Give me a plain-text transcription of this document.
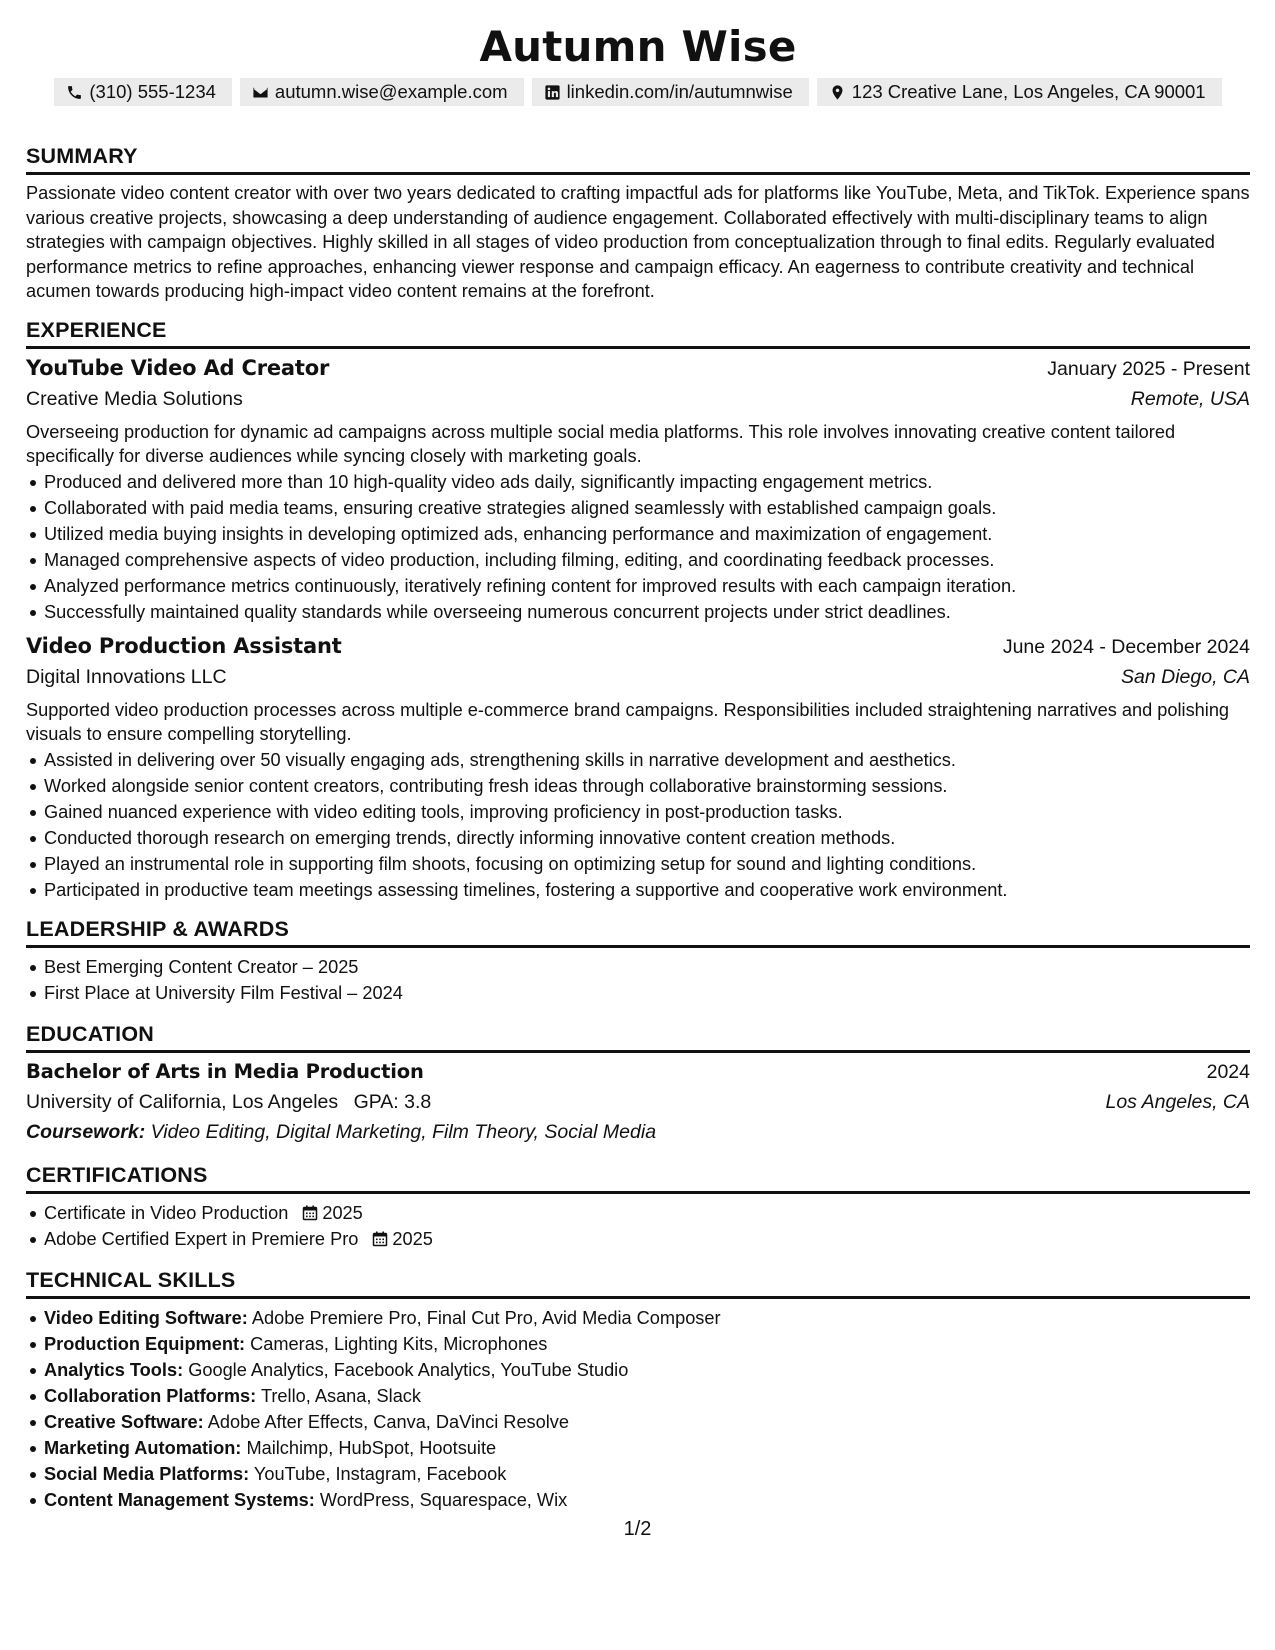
Autumn Wise
(310) 555-1234	autumn.wise@example.com	linkedin.com/in/autumnwise	123 Creative Lane, Los Angeles, CA 90001
SUMMARY

Passionate video content creator with over two years dedicated to crafting impactful ads for platforms like YouTube, Meta, and TikTok. Experience spans various creative projects, showcasing a deep understanding of audience engagement. Collaborated effectively with multi-disciplinary teams to align strategies with campaign objectives. Highly skilled in all stages of video production from conceptualization through to final edits. Regularly evaluated performance metrics to refine approaches, enhancing viewer response and campaign efficacy. An eagerness to contribute creativity and technical acumen towards producing high-impact video content remains at the forefront.

EXPERIENCE
YouTube Video Ad Creator	January 2025 - Present
Creative Media Solutions	Remote, USA

Overseeing production for dynamic ad campaigns across multiple social media platforms. This role involves innovating creative content tailored specifically for diverse audiences while syncing closely with marketing goals.

Produced and delivered more than 10 high-quality video ads daily, significantly impacting engagement metrics.
Collaborated with paid media teams, ensuring creative strategies aligned seamlessly with established campaign goals.
Utilized media buying insights in developing optimized ads, enhancing performance and maximization of engagement.
Managed comprehensive aspects of video production, including filming, editing, and coordinating feedback processes.
Analyzed performance metrics continuously, iteratively refining content for improved results with each campaign iteration.
Successfully maintained quality standards while overseeing numerous concurrent projects under strict deadlines.
Video Production Assistant	June 2024 - December 2024
Digital Innovations LLC	San Diego, CA

Supported video production processes across multiple e-commerce brand campaigns. Responsibilities included straightening narratives and polishing visuals to ensure compelling storytelling.

Assisted in delivering over 50 visually engaging ads, strengthening skills in narrative development and aesthetics.
Worked alongside senior content creators, contributing fresh ideas through collaborative brainstorming sessions.
Gained nuanced experience with video editing tools, improving proficiency in post-production tasks.
Conducted thorough research on emerging trends, directly informing innovative content creation methods.
Played an instrumental role in supporting film shoots, focusing on optimizing setup for sound and lighting conditions.
Participated in productive team meetings assessing timelines, fostering a supportive and cooperative work environment.
LEADERSHIP & AWARDS
Best Emerging Content Creator – 2025
First Place at University Film Festival – 2024
EDUCATION
Bachelor of Arts in Media Production	2024
University of California, Los Angeles GPA: 3.8	Los Angeles, CA
Coursework: Video Editing, Digital Marketing, Film Theory, Social Media
CERTIFICATIONS
Certificate in Video Production 2025
Adobe Certified Expert in Premiere Pro 2025
TECHNICAL SKILLS
Video Editing Software: Adobe Premiere Pro, Final Cut Pro, Avid Media Composer
Production Equipment: Cameras, Lighting Kits, Microphones
Analytics Tools: Google Analytics, Facebook Analytics, YouTube Studio
Collaboration Platforms: Trello, Asana, Slack
Creative Software: Adobe After Effects, Canva, DaVinci Resolve
Marketing Automation: Mailchimp, HubSpot, Hootsuite
Social Media Platforms: YouTube, Instagram, Facebook
Content Management Systems: WordPress, Squarespace, Wix
1/2
